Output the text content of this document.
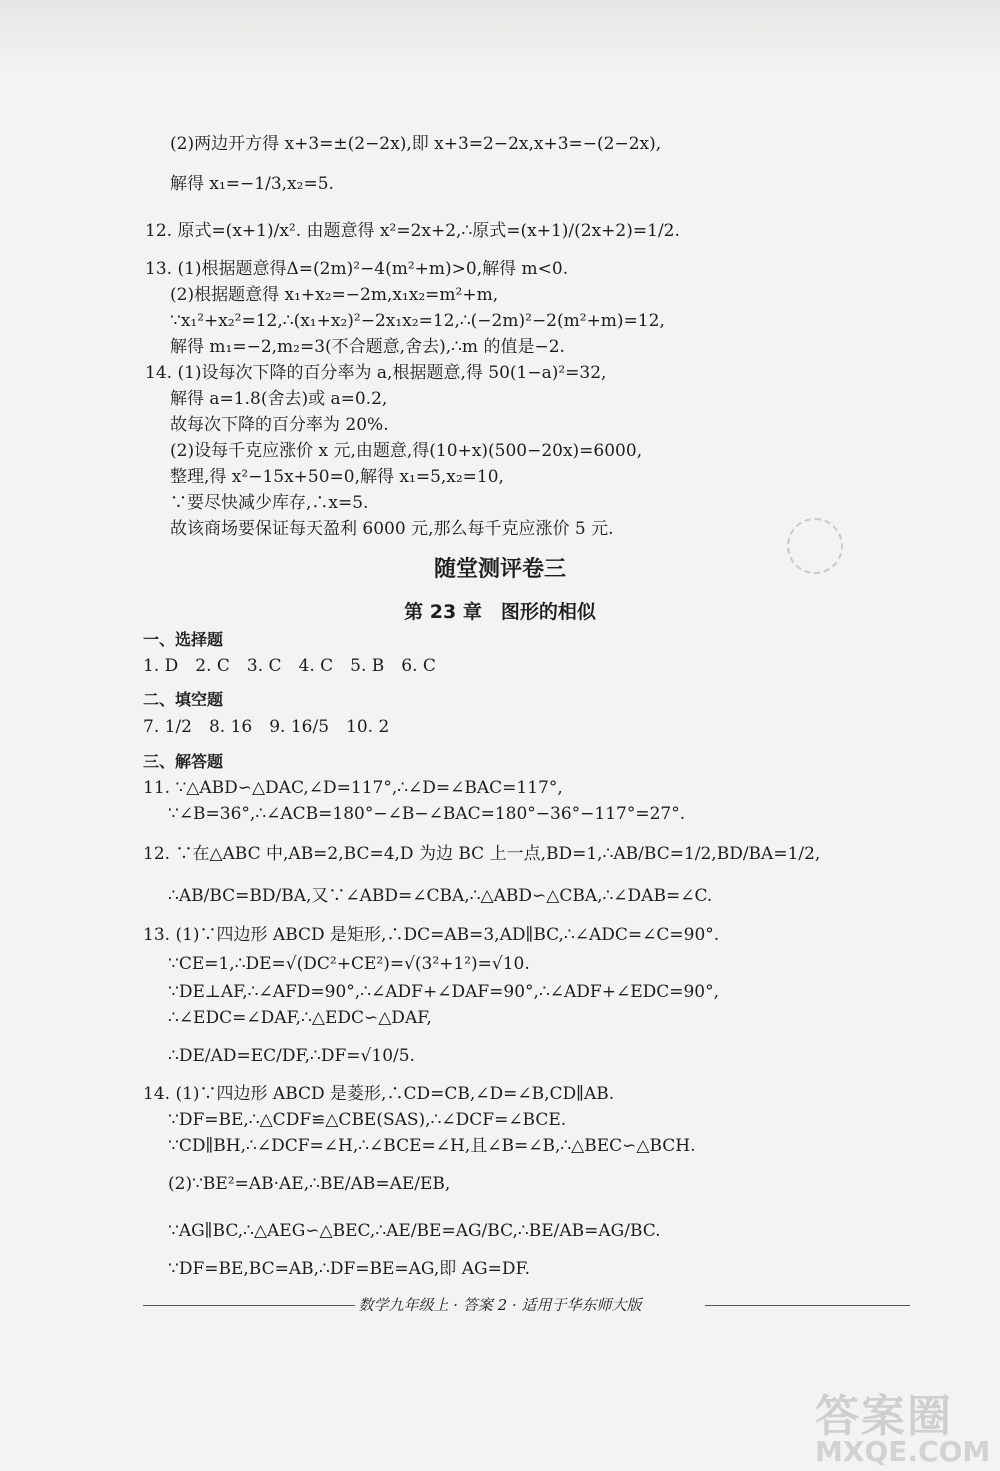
(2)两边开方得 x+3=±(2−2x),即 x+3=2−2x,x+3=−(2−2x),
解得 x₁=−1/3,x₂=5.
12. 原式=(x+1)/x². 由题意得 x²=2x+2,∴原式=(x+1)/(2x+2)=1/2.
13. (1)根据题意得Δ=(2m)²−4(m²+m)>0,解得 m<0.
(2)根据题意得 x₁+x₂=−2m,x₁x₂=m²+m,
∵x₁²+x₂²=12,∴(x₁+x₂)²−2x₁x₂=12,∴(−2m)²−2(m²+m)=12,
解得 m₁=−2,m₂=3(不合题意,舍去),∴m 的值是−2.
14. (1)设每次下降的百分率为 a,根据题意,得 50(1−a)²=32,
解得 a=1.8(舍去)或 a=0.2,
故每次下降的百分率为 20%.
(2)设每千克应涨价 x 元,由题意,得(10+x)(500−20x)=6000,
整理,得 x²−15x+50=0,解得 x₁=5,x₂=10,
∵要尽快减少库存,∴x=5.
故该商场要保证每天盈利 6000 元,那么每千克应涨价 5 元.
1. D　2. C　3. C　4. C　5. B　6. C
7. 1/2　8. 16　9. 16/5　10. 2
11. ∵△ABD∽△DAC,∠D=117°,∴∠D=∠BAC=117°,
∵∠B=36°,∴∠ACB=180°−∠B−∠BAC=180°−36°−117°=27°.
12. ∵在△ABC 中,AB=2,BC=4,D 为边 BC 上一点,BD=1,∴AB/BC=1/2,BD/BA=1/2,
∴AB/BC=BD/BA,又∵∠ABD=∠CBA,∴△ABD∽△CBA,∴∠DAB=∠C.
13. (1)∵四边形 ABCD 是矩形,∴DC=AB=3,AD∥BC,∴∠ADC=∠C=90°.
∵CE=1,∴DE=√(DC²+CE²)=√(3²+1²)=√10.
∵DE⊥AF,∴∠AFD=90°,∴∠ADF+∠DAF=90°,∴∠ADF+∠EDC=90°,
∴∠EDC=∠DAF,∴△EDC∽△DAF,
∴DE/AD=EC/DF,∴DF=√10/5.
14. (1)∵四边形 ABCD 是菱形,∴CD=CB,∠D=∠B,CD∥AB.
∵DF=BE,∴△CDF≌△CBE(SAS),∴∠DCF=∠BCE.
∵CD∥BH,∴∠DCF=∠H,∴∠BCE=∠H,且∠B=∠B,∴△BEC∽△BCH.
(2)∵BE²=AB·AE,∴BE/AB=AE/EB,
∵AG∥BC,∴△AEG∽△BEC,∴AE/BE=AG/BC,∴BE/AB=AG/BC.
∵DF=BE,BC=AB,∴DF=BE=AG,即 AG=DF.
随堂测评卷三
第 23 章　图形的相似
一、选择题
二、填空题
三、解答题
数学九年级上 · 答案 2 · 适用于华东师大版
答案圈
MXQE.COM
